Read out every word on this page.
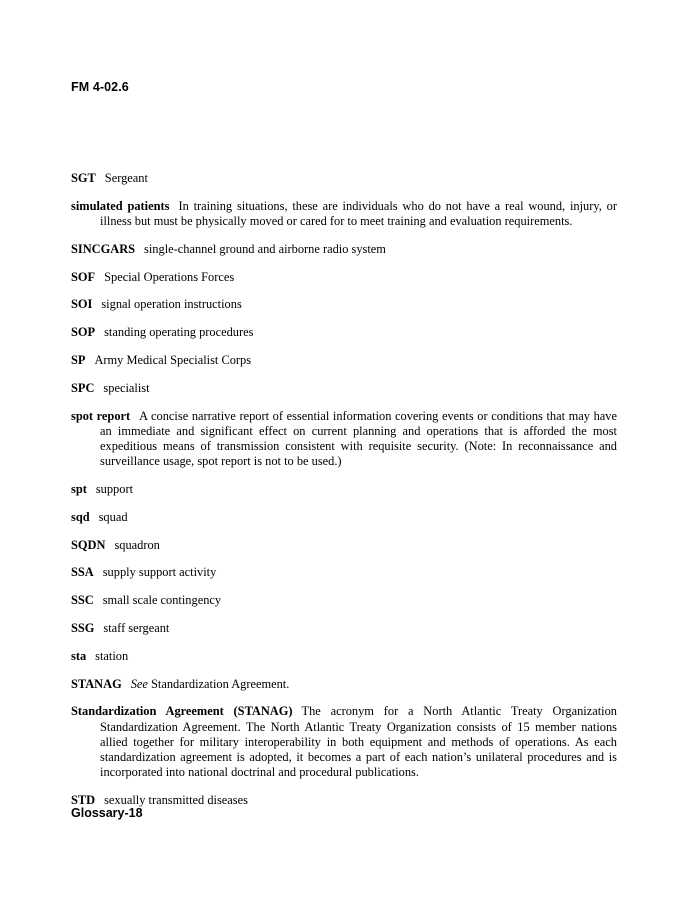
FM 4-02.6

SGT Sergeant

simulated patients In training situations, these are individuals who do not have a real wound, injury, or illness but must be physically moved or cared for to meet training and evaluation requirements.

SINCGARS single-channel ground and airborne radio system

SOF Special Operations Forces

SOI signal operation instructions

SOP standing operating procedures

SP Army Medical Specialist Corps

SPC specialist

spot report A concise narrative report of essential information covering events or conditions that may have an immediate and significant effect on current planning and operations that is afforded the most expeditious means of transmission consistent with requisite security. (Note: In reconnaissance and surveillance usage, spot report is not to be used.)

spt support

sqd squad

SQDN squadron

SSA supply support activity

SSC small scale contingency

SSG staff sergeant

sta station

STANAG See Standardization Agreement.

Standardization Agreement (STANAG) The acronym for a North Atlantic Treaty Organization Standardization Agreement. The North Atlantic Treaty Organization consists of 15 member nations allied together for military interoperability in both equipment and methods of operations. As each standardization agreement is adopted, it becomes a part of each nation’s unilateral procedures and is incorporated into national doctrinal and procedural publications.

STD sexually transmitted diseases

Glossary-18
